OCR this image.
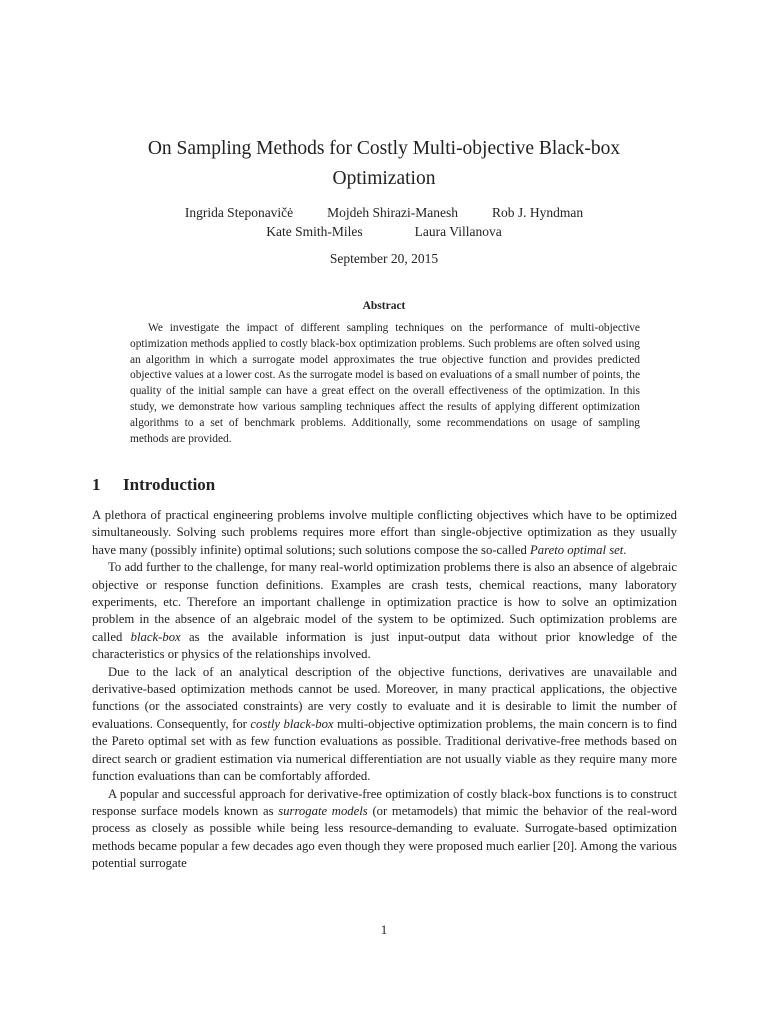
On Sampling Methods for Costly Multi-objective Black-box
Optimization
Ingrida Steponavičė	Mojdeh Shirazi-Manesh	Rob J. Hyndman
Kate Smith-Miles	Laura Villanova
September 20, 2015
Abstract

We investigate the impact of different sampling techniques on the performance of multi-objective optimization methods applied to costly black-box optimization problems. Such problems are often solved using an algorithm in which a surrogate model approximates the true objective function and provides predicted objective values at a lower cost. As the surrogate model is based on evaluations of a small number of points, the quality of the initial sample can have a great effect on the overall effectiveness of the optimization. In this study, we demonstrate how various sampling techniques affect the results of applying different optimization algorithms to a set of benchmark problems. Additionally, some recommendations on usage of sampling methods are provided.

1	Introduction

A plethora of practical engineering problems involve multiple conflicting objectives which have to be optimized simultaneously. Solving such problems requires more effort than single-objective optimization as they usually have many (possibly infinite) optimal solutions; such solutions compose the so-called Pareto optimal set.

To add further to the challenge, for many real-world optimization problems there is also an absence of algebraic objective or response function definitions. Examples are crash tests, chemical reactions, many laboratory experiments, etc. Therefore an important challenge in optimization practice is how to solve an optimization problem in the absence of an algebraic model of the system to be optimized. Such optimization problems are called black-box as the available information is just input-output data without prior knowledge of the characteristics or physics of the relationships involved.

Due to the lack of an analytical description of the objective functions, derivatives are unavailable and derivative-based optimization methods cannot be used. Moreover, in many practical applications, the objective functions (or the associated constraints) are very costly to evaluate and it is desirable to limit the number of evaluations. Consequently, for costly black-box multi-objective optimization problems, the main concern is to find the Pareto optimal set with as few function evaluations as possible. Traditional derivative-free methods based on direct search or gradient estimation via numerical differentiation are not usually viable as they require many more function evaluations than can be comfortably afforded.

A popular and successful approach for derivative-free optimization of costly black-box functions is to construct response surface models known as surrogate models (or metamodels) that mimic the behavior of the real-word process as closely as possible while being less resource-demanding to evaluate. Surrogate-based optimization methods became popular a few decades ago even though they were proposed much earlier [20]. Among the various potential surrogate

1
